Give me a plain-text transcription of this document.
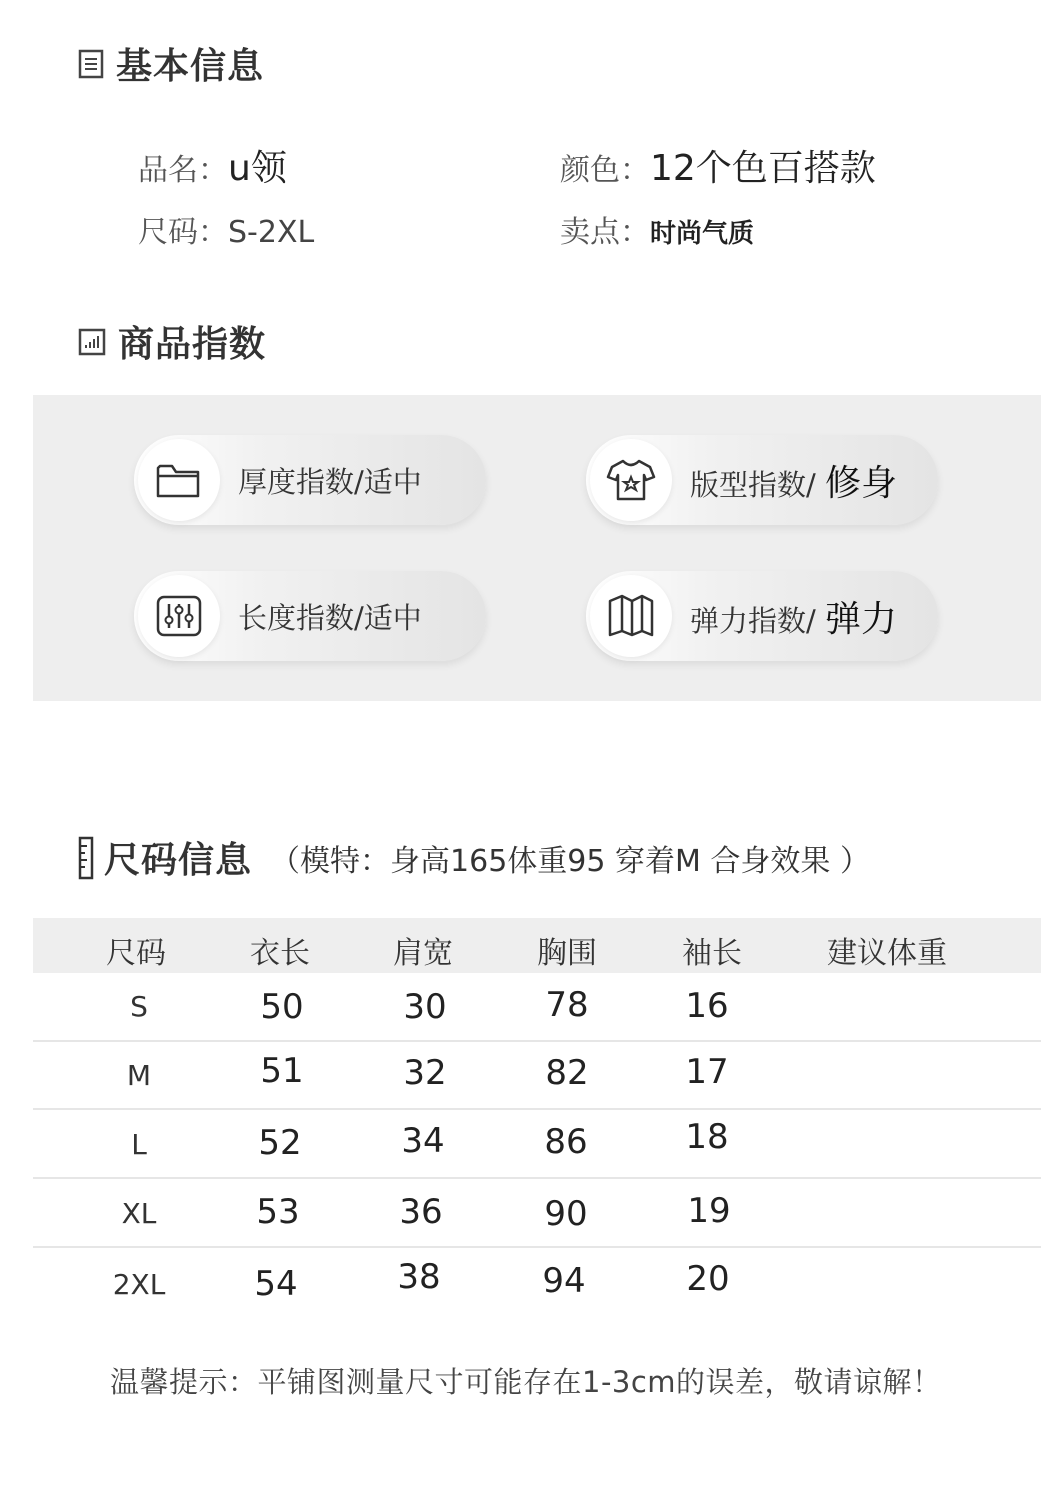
基本信息
品名： u领	颜色： 12个色百搭款
尺码： S-2XL	卖点： 时尚气质
商品指数
厚度指数/适中	版型指数/ 修身
长度指数/适中	弹力指数/ 弹力
尺码信息 （模特：身高165体重95 穿着M 合身效果 ）
尺码	衣长	肩宽	胸围	袖长	建议体重
S	50	30	78	16
M	51	32	82	17
L	52	34	86	18
XL	53	36	90	19
2XL	54	38	94	20
温馨提示：平铺图测量尺寸可能存在1-3cm的误差，敬请谅解！
